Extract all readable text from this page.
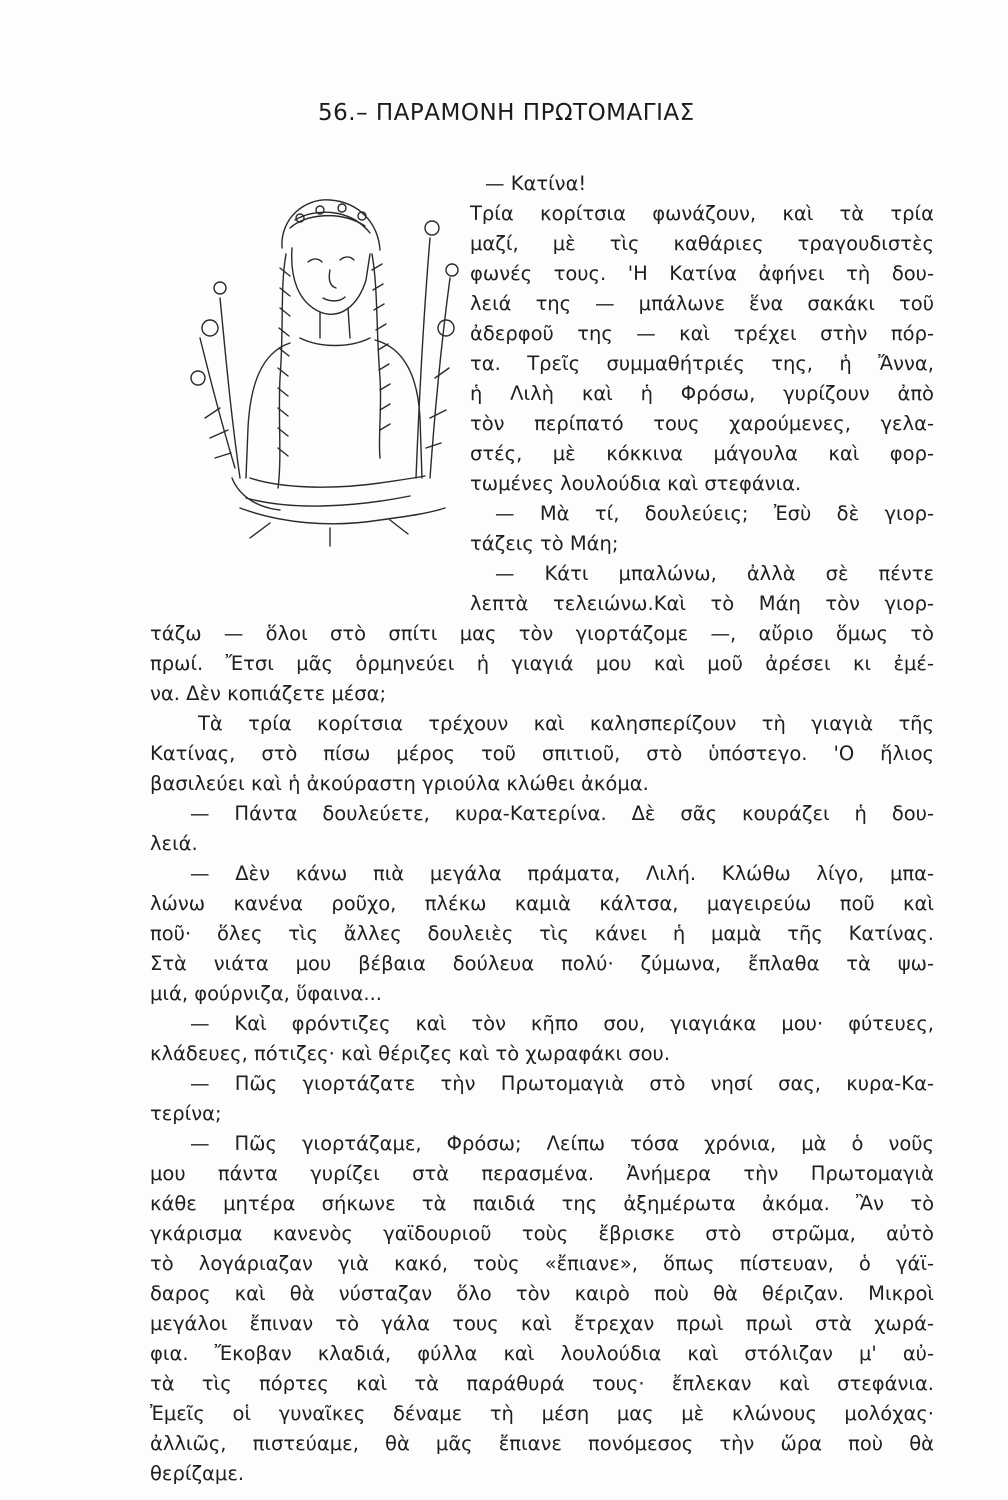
56.– ΠΑΡΑΜΟΝΗ ΠΡΩΤΟΜΑΓΙΑΣ
— Κατίνα!
Τρία κορίτσια φωνάζουν, καὶ τὰ τρία
μαζί, μὲ τὶς καθάριες τραγουδιστὲς
φωνές τους. 'Η Κατίνα ἀφήνει τὴ δου-
λειά της — μπάλωνε ἕνα σακάκι τοῦ
ἀδερφοῦ της — καὶ τρέχει στὴν πόρ-
τα. Τρεῖς συμμαθήτριές της, ἡ Ἄννα,
ἡ Λιλὴ καὶ ἡ Φρόσω, γυρίζουν ἀπὸ
τὸν περίπατό τους χαρούμενες, γελα-
στές, μὲ κόκκινα μάγουλα καὶ φορ-
τωμένες λουλούδια καὶ στεφάνια.
— Μὰ τί, δουλεύεις; Ἐσὺ δὲ γιορ-
τάζεις τὸ Μάη;
— Κάτι μπαλώνω, ἀλλὰ σὲ πέντε
λεπτὰ τελειώνω.Καὶ τὸ Μάη τὸν γιορ-
τάζω — ὅλοι στὸ σπίτι μας τὸν γιορτάζομε —, αὔριο ὅμως τὸ
πρωί. Ἔτσι μᾶς ὁρμηνεύει ἡ γιαγιά μου καὶ μοῦ ἀρέσει κι ἐμέ-
να. Δὲν κοπιάζετε μέσα;
Τὰ τρία κορίτσια τρέχουν καὶ καλησπερίζουν τὴ γιαγιὰ τῆς
Κατίνας, στὸ πίσω μέρος τοῦ σπιτιοῦ, στὸ ὑπόστεγο. 'Ο ἥλιος
βασιλεύει καὶ ἡ ἀκούραστη γριούλα κλώθει ἀκόμα.
— Πάντα δουλεύετε, κυρα-Κατερίνα. Δὲ σᾶς κουράζει ἡ δου-
λειά.
— Δὲν κάνω πιὰ μεγάλα πράματα, Λιλή. Κλώθω λίγο, μπα-
λώνω κανένα ροῦχο, πλέκω καμιὰ κάλτσα, μαγειρεύω ποῦ καὶ
ποῦ· ὅλες τὶς ἄλλες δουλειὲς τὶς κάνει ἡ μαμὰ τῆς Κατίνας.
Στὰ νιάτα μου βέβαια δούλευα πολύ· ζύμωνα, ἔπλαθα τὰ ψω-
μιά, φούρνιζα, ὕφαινα...
— Καὶ φρόντιζες καὶ τὸν κῆπο σου, γιαγιάκα μου· φύτευες,
κλάδευες, πότιζες· καὶ θέριζες καὶ τὸ χωραφάκι σου.
— Πῶς γιορτάζατε τὴν Πρωτομαγιὰ στὸ νησί σας, κυρα-Κα-
τερίνα;
— Πῶς γιορτάζαμε, Φρόσω; Λείπω τόσα χρόνια, μὰ ὁ νοῦς
μου πάντα γυρίζει στὰ περασμένα. Ἀνήμερα τὴν Πρωτομαγιὰ
κάθε μητέρα σήκωνε τὰ παιδιά της ἀξημέρωτα ἀκόμα. Ἂν τὸ
γκάρισμα κανενὸς γαϊδουριοῦ τοὺς ἔβρισκε στὸ στρῶμα, αὐτὸ
τὸ λογάριαζαν γιὰ κακό, τοὺς «ἔπιανε», ὅπως πίστευαν, ὁ γάϊ-
δαρος καὶ θὰ νύσταζαν ὅλο τὸν καιρὸ ποὺ θὰ θέριζαν. Μικροὶ
μεγάλοι ἔπιναν τὸ γάλα τους καὶ ἔτρεχαν πρωὶ πρωὶ στὰ χωρά-
φια. Ἔκοβαν κλαδιά, φύλλα καὶ λουλούδια καὶ στόλιζαν μ' αὐ-
τὰ τὶς πόρτες καὶ τὰ παράθυρά τους· ἔπλεκαν καὶ στεφάνια.
Ἐμεῖς οἱ γυναῖκες δέναμε τὴ μέση μας μὲ κλώνους μολόχας·
ἀλλιῶς, πιστεύαμε, θὰ μᾶς ἔπιανε πονόμεσος τὴν ὥρα ποὺ θὰ
θερίζαμε.
